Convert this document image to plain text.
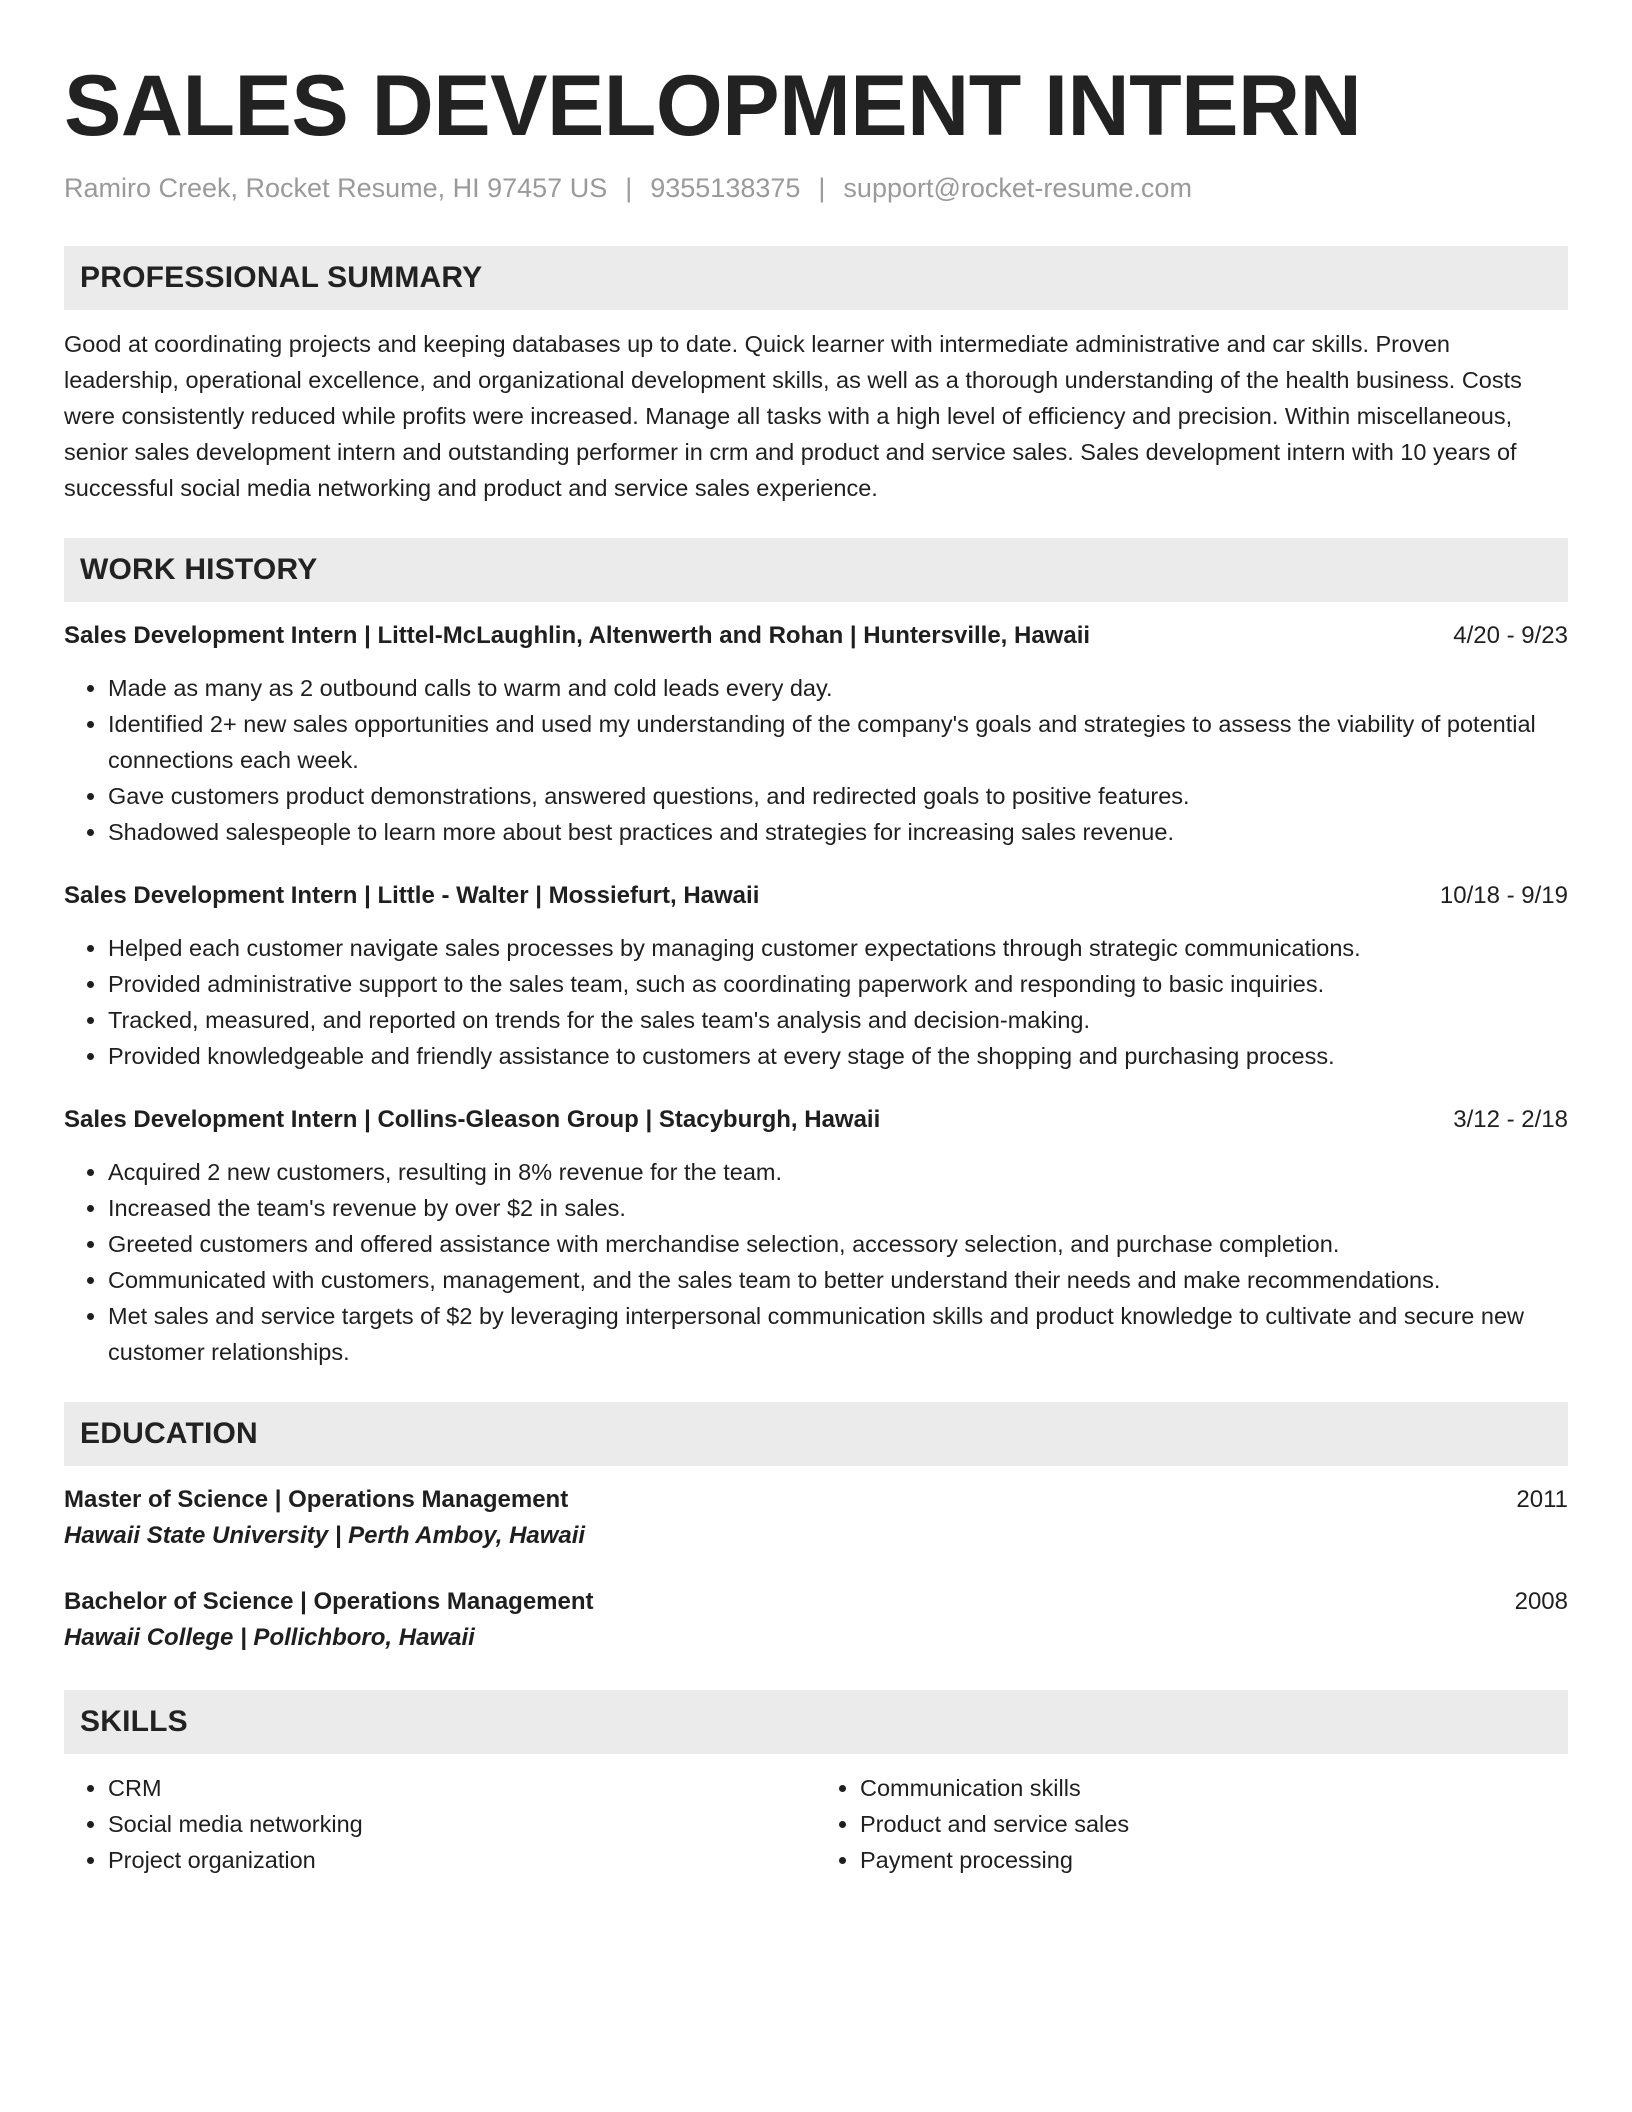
SALES DEVELOPMENT INTERN
Ramiro Creek, Rocket Resume, HI 97457 US | 9355138375 | support@rocket-resume.com
PROFESSIONAL SUMMARY

Good at coordinating projects and keeping databases up to date. Quick learner with intermediate administrative and car skills. Proven leadership, operational excellence, and organizational development skills, as well as a thorough understanding of the health business. Costs were consistently reduced while profits were increased. Manage all tasks with a high level of efficiency and precision. Within miscellaneous, senior sales development intern and outstanding performer in crm and product and service sales. Sales development intern with 10 years of successful social media networking and product and service sales experience.

WORK HISTORY
Sales Development Intern | Littel-McLaughlin, Altenwerth and Rohan | Huntersville, Hawaii	4/20 - 9/23
• Made as many as 2 outbound calls to warm and cold leads every day.
• Identified 2+ new sales opportunities and used my understanding of the company's goals and strategies to assess the viability of potential connections each week.
• Gave customers product demonstrations, answered questions, and redirected goals to positive features.
• Shadowed salespeople to learn more about best practices and strategies for increasing sales revenue.
Sales Development Intern | Little - Walter | Mossiefurt, Hawaii	10/18 - 9/19
• Helped each customer navigate sales processes by managing customer expectations through strategic communications.
• Provided administrative support to the sales team, such as coordinating paperwork and responding to basic inquiries.
• Tracked, measured, and reported on trends for the sales team's analysis and decision-making.
• Provided knowledgeable and friendly assistance to customers at every stage of the shopping and purchasing process.
Sales Development Intern | Collins-Gleason Group | Stacyburgh, Hawaii	3/12 - 2/18
• Acquired 2 new customers, resulting in 8% revenue for the team.
• Increased the team's revenue by over $2 in sales.
• Greeted customers and offered assistance with merchandise selection, accessory selection, and purchase completion.
• Communicated with customers, management, and the sales team to better understand their needs and make recommendations.
• Met sales and service targets of $2 by leveraging interpersonal communication skills and product knowledge to cultivate and secure new customer relationships.
EDUCATION
Master of Science | Operations Management	2011
Hawaii State University | Perth Amboy, Hawaii
Bachelor of Science | Operations Management	2008
Hawaii College | Pollichboro, Hawaii
SKILLS
• CRM
• Social media networking
• Project organization
• Communication skills
• Product and service sales
• Payment processing
